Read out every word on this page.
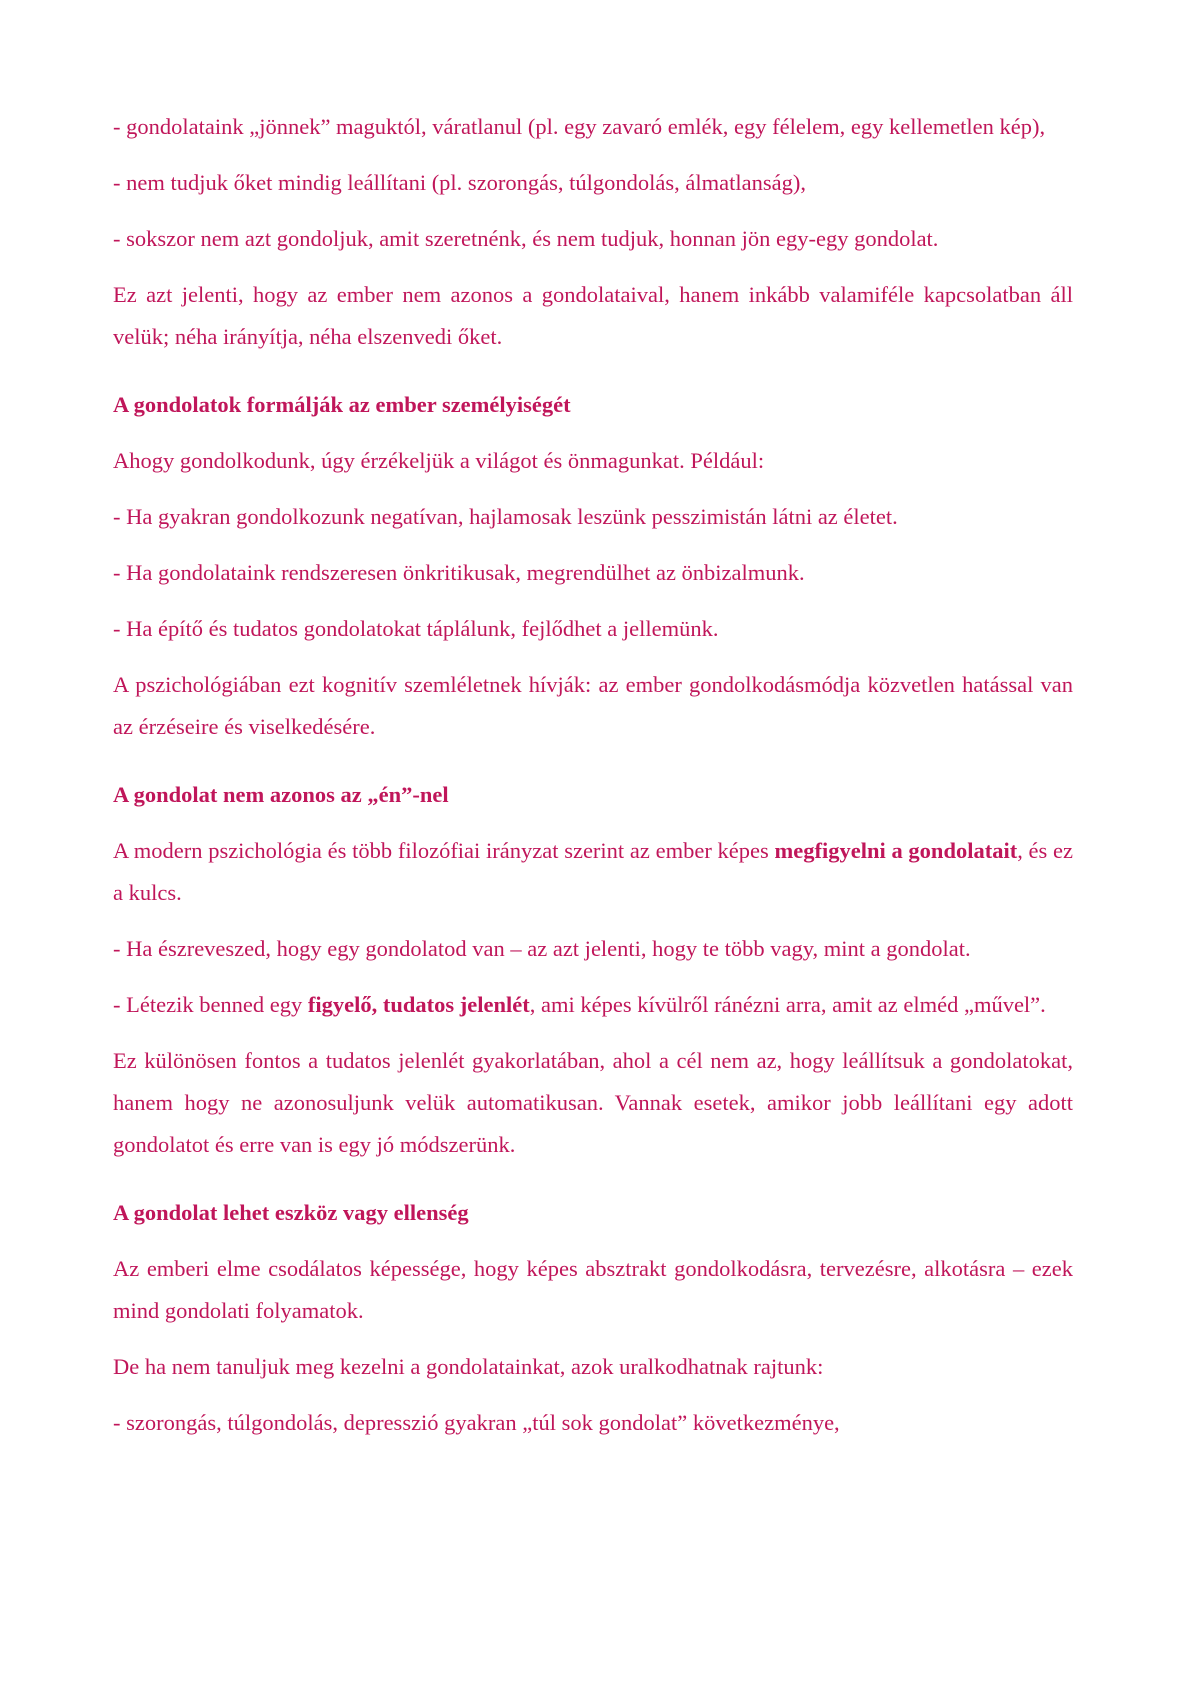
- gondolataink „jönnek” maguktól, váratlanul (pl. egy zavaró emlék, egy félelem, egy kellemetlen kép),

- nem tudjuk őket mindig leállítani (pl. szorongás, túlgondolás, álmatlanság),

- sokszor nem azt gondoljuk, amit szeretnénk, és nem tudjuk, honnan jön egy-egy gondolat.

Ez azt jelenti, hogy az ember nem azonos a gondolataival, hanem inkább valamiféle kapcsolatban áll velük; néha irányítja, néha elszenvedi őket.

A gondolatok formálják az ember személyiségét

Ahogy gondolkodunk, úgy érzékeljük a világot és önmagunkat. Például:

- Ha gyakran gondolkozunk negatívan, hajlamosak leszünk pesszimistán látni az életet.

- Ha gondolataink rendszeresen önkritikusak, megrendülhet az önbizalmunk.

- Ha építő és tudatos gondolatokat táplálunk, fejlődhet a jellemünk.

A pszichológiában ezt kognitív szemléletnek hívják: az ember gondolkodásmódja közvetlen hatással van az érzéseire és viselkedésére.

A gondolat nem azonos az „én”-nel

A modern pszichológia és több filozófiai irányzat szerint az ember képes megfigyelni a gondolatait, és ez a kulcs.

- Ha észreveszed, hogy egy gondolatod van – az azt jelenti, hogy te több vagy, mint a gondolat.

- Létezik benned egy figyelő, tudatos jelenlét, ami képes kívülről ránézni arra, amit az elméd „művel”.

Ez különösen fontos a tudatos jelenlét gyakorlatában, ahol a cél nem az, hogy leállítsuk a gondolatokat, hanem hogy ne azonosuljunk velük automatikusan. Vannak esetek, amikor jobb leállítani egy adott gondolatot és erre van is egy jó módszerünk.

A gondolat lehet eszköz vagy ellenség

Az emberi elme csodálatos képessége, hogy képes absztrakt gondolkodásra, tervezésre, alkotásra – ezek mind gondolati folyamatok.

De ha nem tanuljuk meg kezelni a gondolatainkat, azok uralkodhatnak rajtunk:

- szorongás, túlgondolás, depresszió gyakran „túl sok gondolat” következménye,
